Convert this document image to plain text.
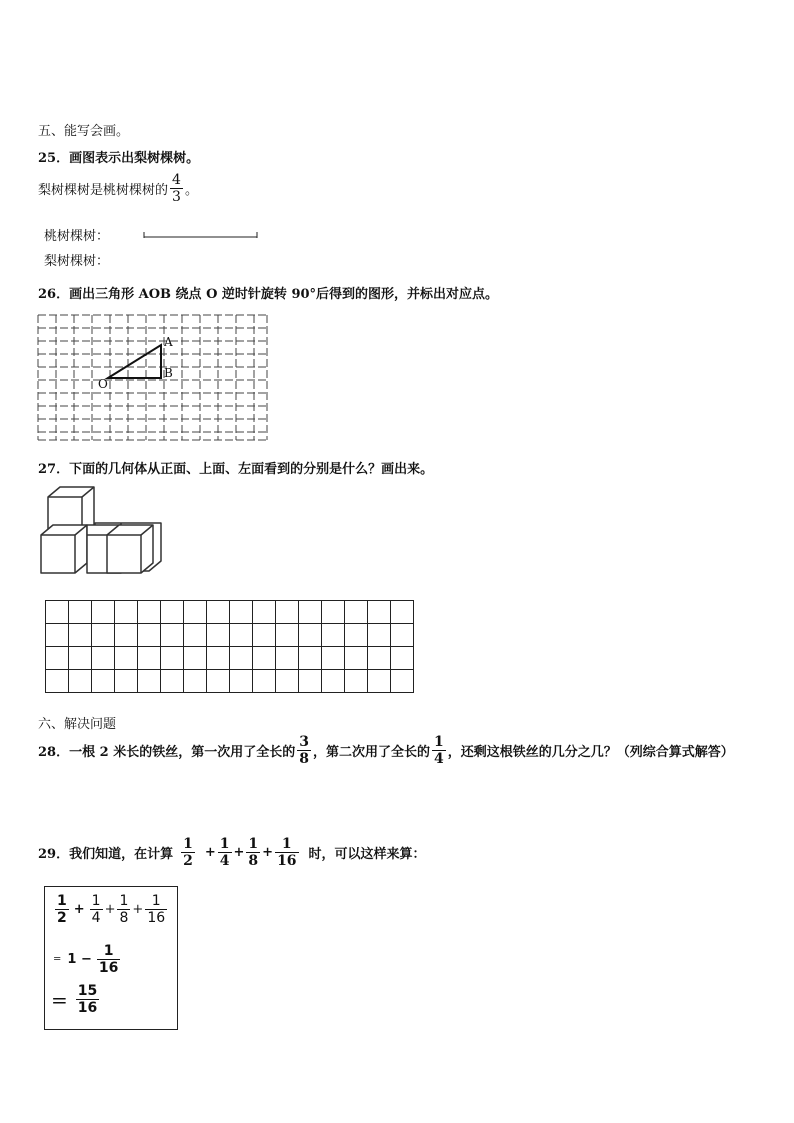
五、能写会画。
25．画图表示出梨树棵树。
梨树棵树是桃树棵树的 $\frac{4}{3}$ 。
桃树棵树：
梨树棵树：
26．画出三角形 AOB 绕点 O 逆时针旋转 90°后得到的图形，并标出对应点。
O
A
B
27．下面的几何体从正面、上面、左面看到的分别是什么？画出来。

六、解决问题
28．一根 2 米长的铁丝，第一次用了全长的 $\frac{3}{8}$ ，第二次用了全长的 $\frac{1}{4}$ ，还剩这根铁丝的几分之几？（列综合算式解答）
29．我们知道，在计算 $\frac{1}{2} + \frac{1}{4} + \frac{1}{8} + \frac{1}{16}$ 时，可以这样来算：
$\frac{1}{2} + \frac{1}{4} + \frac{1}{8} + \frac{1}{16}$
= $1 - \frac{1}{16}$
= $\frac{15}{16}$
